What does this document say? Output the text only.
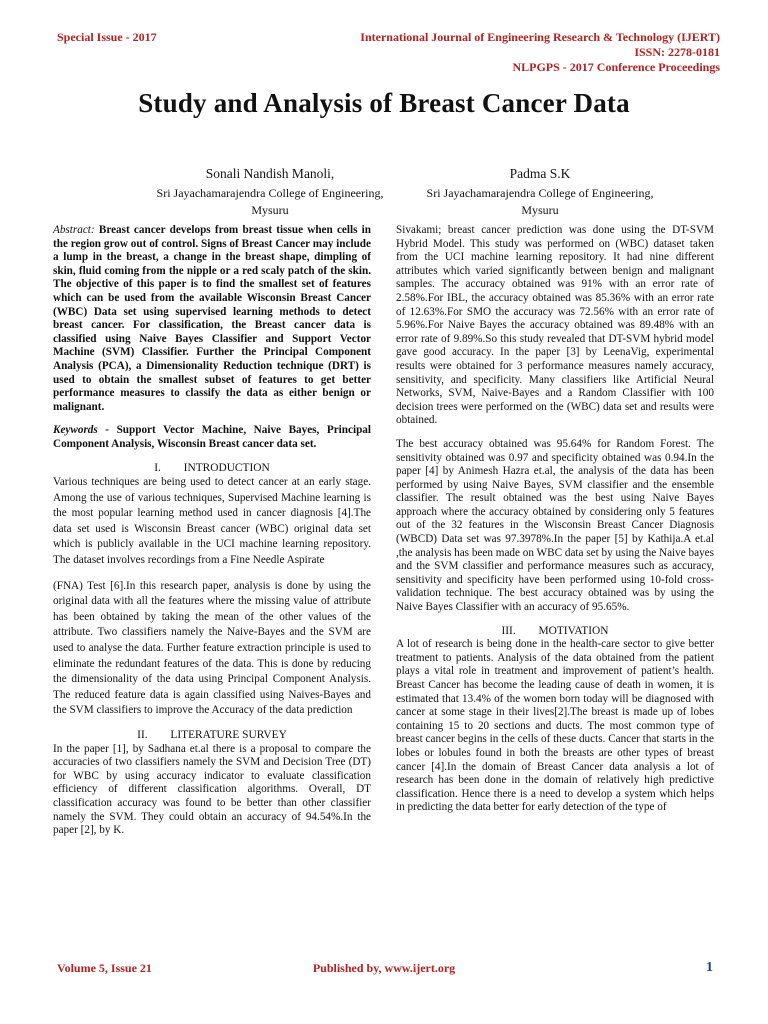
Special Issue - 2017	International Journal of Engineering Research & Technology (IJERT)
ISSN: 2278-0181
NLPGPS - 2017 Conference Proceedings
Study and Analysis of Breast Cancer Data
Sonali Nandish Manoli,
Sri Jayachamarajendra College of Engineering,
Mysuru
Padma S.K
Sri Jayachamarajendra College of Engineering,
Mysuru

Abstract: Breast cancer develops from breast tissue when cells in the region grow out of control. Signs of Breast Cancer may include a lump in the breast, a change in the breast shape, dimpling of skin, fluid coming from the nipple or a red scaly patch of the skin. The objective of this paper is to find the smallest set of features which can be used from the available Wisconsin Breast Cancer (WBC) Data set using supervised learning methods to detect breast cancer. For classification, the Breast cancer data is classified using Naive Bayes Classifier and Support Vector Machine (SVM) Classifier. Further the Principal Component Analysis (PCA), a Dimensionality Reduction technique (DRT) is used to obtain the smallest subset of features to get better performance measures to classify the data as either benign or malignant.

Keywords - Support Vector Machine, Naive Bayes, Principal Component Analysis, Wisconsin Breast cancer data set.

I.  INTRODUCTION

Various techniques are being used to detect cancer at an early stage. Among the use of various techniques, Supervised Machine learning is the most popular learning method used in cancer diagnosis [4].The data set used is Wisconsin Breast cancer (WBC) original data set which is publicly available in the UCI machine learning repository. The dataset involves recordings from a Fine Needle Aspirate

(FNA) Test [6].In this research paper, analysis is done by using the original data with all the features where the missing value of attribute has been obtained by taking the mean of the other values of the attribute. Two classifiers namely the Naive-Bayes and the SVM are used to analyse the data. Further feature extraction principle is used to eliminate the redundant features of the data. This is done by reducing the dimensionality of the data using Principal Component Analysis. The reduced feature data is again classified using Naives-Bayes and the SVM classifiers to improve the Accuracy of the data prediction

II.  LITERATURE SURVEY

In the paper [1], by Sadhana et.al there is a proposal to compare the accuracies of two classifiers namely the SVM and Decision Tree (DT) for WBC by using accuracy indicator to evaluate classification efficiency of different classification algorithms. Overall, DT classification accuracy was found to be better than other classifier namely the SVM. They could obtain an accuracy of 94.54%.In the paper [2], by K.

Sivakami; breast cancer prediction was done using the DT-SVM Hybrid Model. This study was performed on (WBC) dataset taken from the UCI machine learning repository. It had nine different attributes which varied significantly between benign and malignant samples. The accuracy obtained was 91% with an error rate of 2.58%.For IBL, the accuracy obtained was 85.36% with an error rate of 12.63%.For SMO the accuracy was 72.56% with an error rate of 5.96%.For Naive Bayes the accuracy obtained was 89.48% with an error rate of 9.89%.So this study revealed that DT-SVM hybrid model gave good accuracy. In the paper [3] by LeenaVig, experimental results were obtained for 3 performance measures namely accuracy, sensitivity, and specificity. Many classifiers like Artificial Neural Networks, SVM, Naive-Bayes and a Random Classifier with 100 decision trees were performed on the (WBC) data set and results were obtained.

The best accuracy obtained was 95.64% for Random Forest. The sensitivity obtained was 0.97 and specificity obtained was 0.94.In the paper [4] by Animesh Hazra et.al, the analysis of the data has been performed by using Naive Bayes, SVM classifier and the ensemble classifier. The result obtained was the best using Naive Bayes approach where the accuracy obtained by considering only 5 features out of the 32 features in the Wisconsin Breast Cancer Diagnosis (WBCD) Data set was 97.3978%.In the paper [5] by Kathija.A et.al ,the analysis has been made on WBC data set by using the Naive bayes and the SVM classifier and performance measures such as accuracy, sensitivity and specificity have been performed using 10-fold cross-validation technique. The best accuracy obtained was by using the Naive Bayes Classifier with an accuracy of 95.65%.

III.  MOTIVATION

A lot of research is being done in the health-care sector to give better treatment to patients. Analysis of the data obtained from the patient plays a vital role in treatment and improvement of patient’s health. Breast Cancer has become the leading cause of death in women, it is estimated that 13.4% of the women born today will be diagnosed with cancer at some stage in their lives[2].The breast is made up of lobes containing 15 to 20 sections and ducts. The most common type of breast cancer begins in the cells of these ducts. Cancer that starts in the lobes or lobules found in both the breasts are other types of breast cancer [4].In the domain of Breast Cancer data analysis a lot of research has been done in the domain of relatively high predictive classification. Hence there is a need to develop a system which helps in predicting the data better for early detection of the type of

Volume 5, Issue 21	Published by, www.ijert.org	1
